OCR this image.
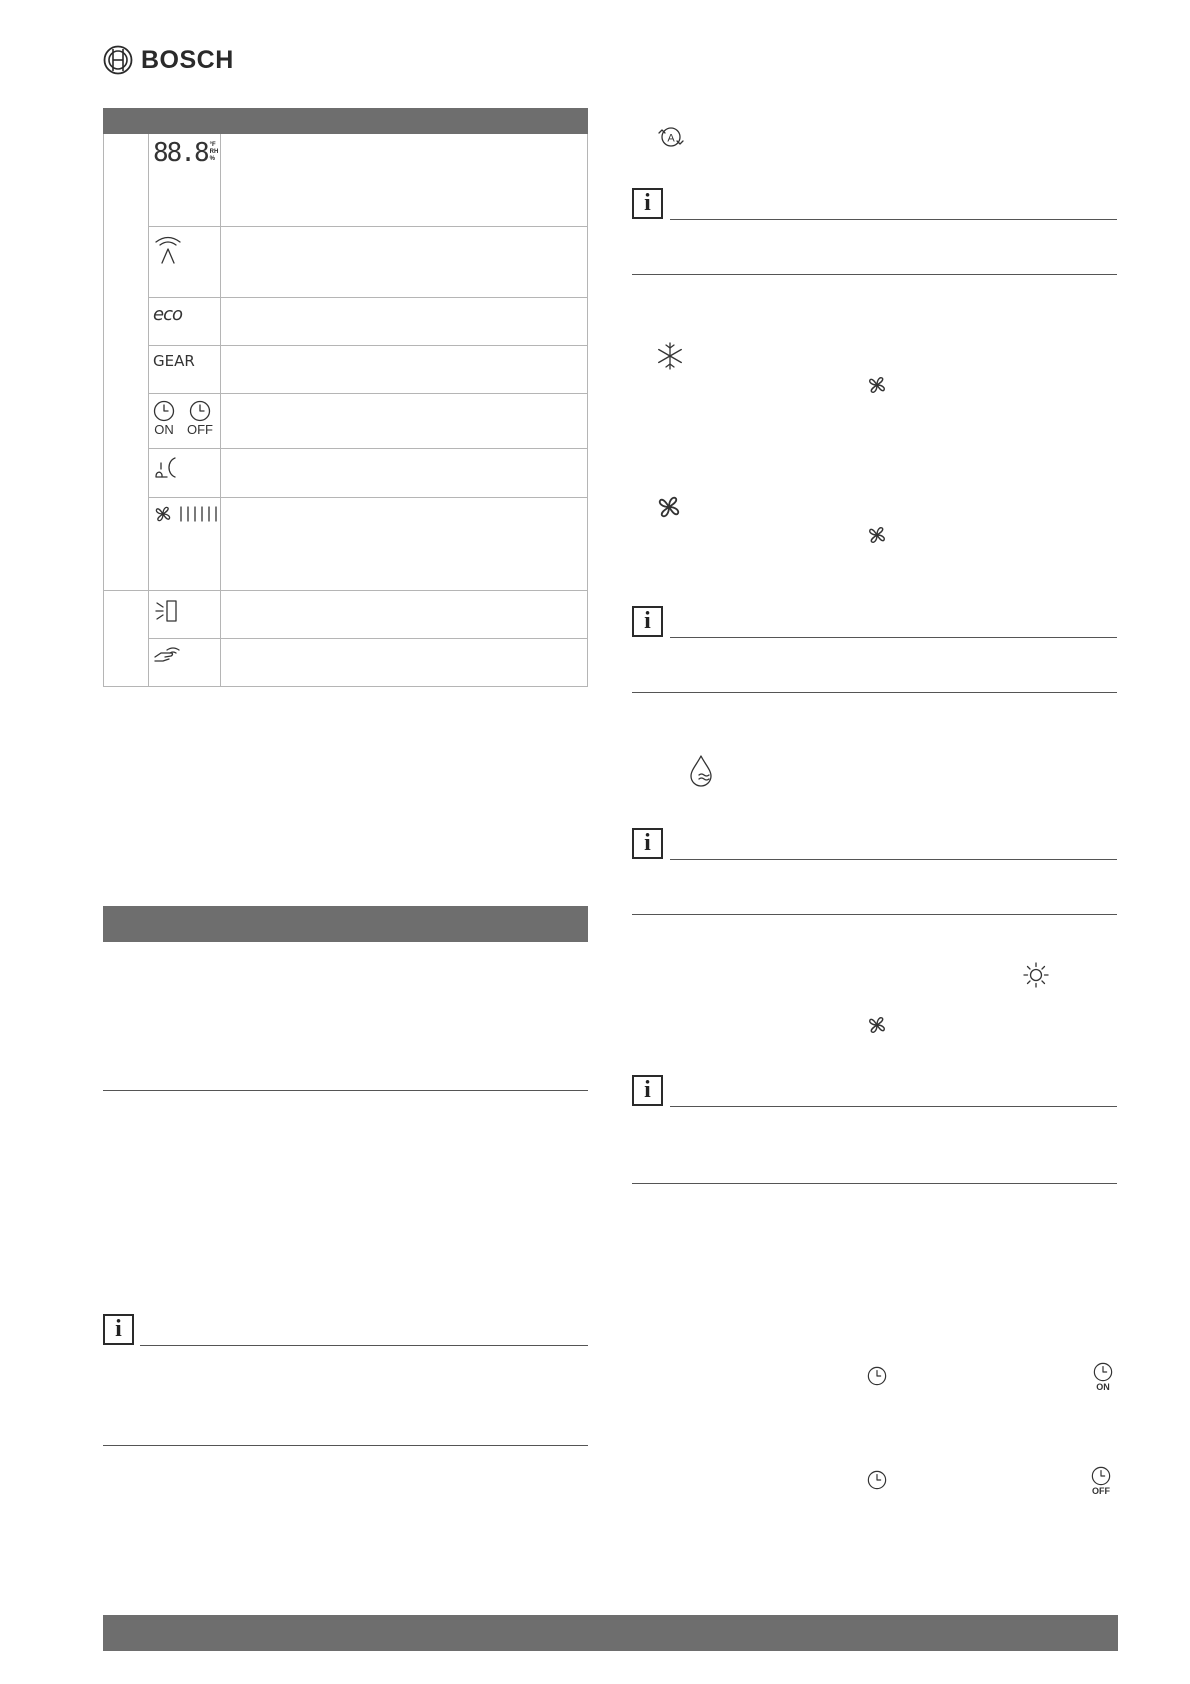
BOSCH

	88.8 °F
RH
%	

	eco	

	GEAR	

	ON OFF	

i
A
i
i
i
i
ON
OFF
